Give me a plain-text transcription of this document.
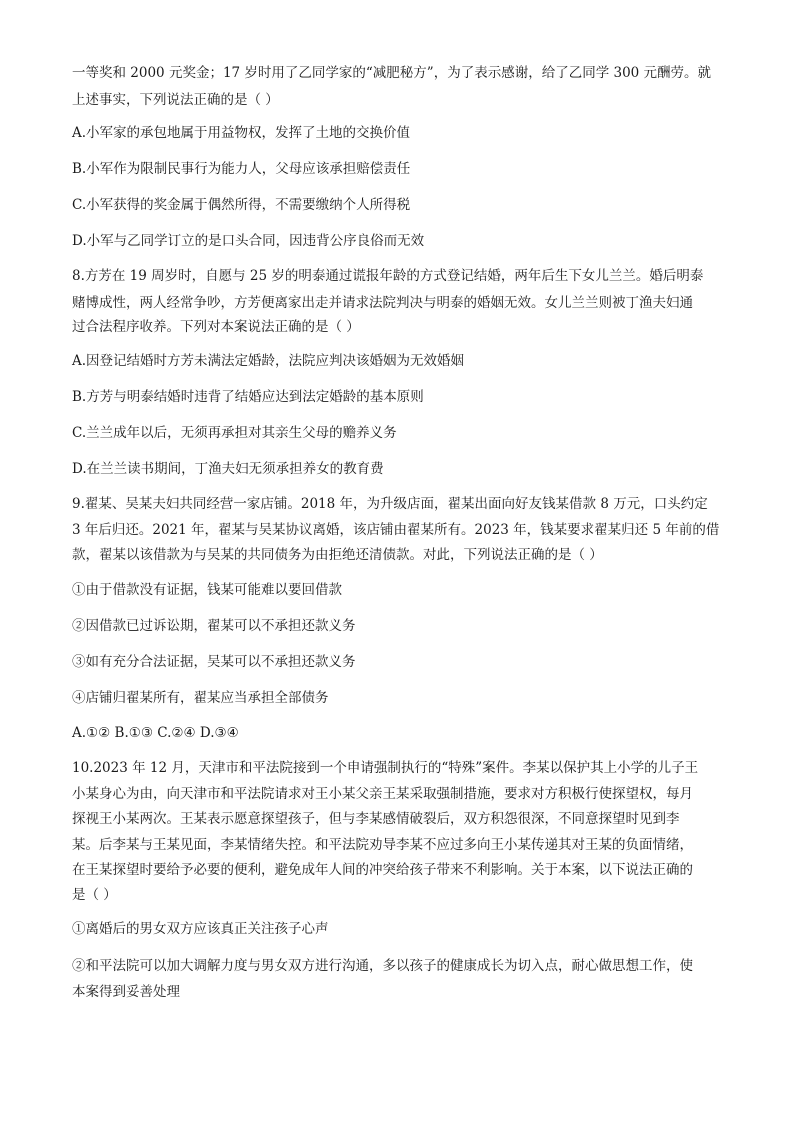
一等奖和 2000 元奖金；17 岁时用了乙同学家的“减肥秘方”，为了表示感谢，给了乙同学 300 元酬劳。就
上述事实，下列说法正确的是（ ）
A.小军家的承包地属于用益物权，发挥了土地的交换价值
B.小军作为限制民事行为能力人，父母应该承担赔偿责任
C.小军获得的奖金属于偶然所得，不需要缴纳个人所得税
D.小军与乙同学订立的是口头合同，因违背公序良俗而无效
8.方芳在 19 周岁时，自愿与 25 岁的明泰通过谎报年龄的方式登记结婚，两年后生下女儿兰兰。婚后明泰
赌博成性，两人经常争吵，方芳便离家出走并请求法院判决与明泰的婚姻无效。女儿兰兰则被丁渔夫妇通
过合法程序收养。下列对本案说法正确的是（ ）
A.因登记结婚时方芳未满法定婚龄，法院应判决该婚姻为无效婚姻
B.方芳与明泰结婚时违背了结婚应达到法定婚龄的基本原则
C.兰兰成年以后，无须再承担对其亲生父母的赡养义务
D.在兰兰读书期间，丁渔夫妇无须承担养女的教育费
9.翟某、吴某夫妇共同经营一家店铺。2018 年，为升级店面，翟某出面向好友钱某借款 8 万元，口头约定
3 年后归还。2021 年，翟某与吴某协议离婚，该店铺由翟某所有。2023 年，钱某要求翟某归还 5 年前的借
款，翟某以该借款为与吴某的共同债务为由拒绝还清债款。对此，下列说法正确的是（ ）
①由于借款没有证据，钱某可能难以要回借款
②因借款已过诉讼期，翟某可以不承担还款义务
③如有充分合法证据，吴某可以不承担还款义务
④店铺归翟某所有，翟某应当承担全部债务
A.①② B.①③ C.②④ D.③④
10.2023 年 12 月，天津市和平法院接到一个申请强制执行的“特殊”案件。李某以保护其上小学的儿子王
小某身心为由，向天津市和平法院请求对王小某父亲王某采取强制措施，要求对方积极行使探望权，每月
探视王小某两次。王某表示愿意探望孩子，但与李某感情破裂后，双方积怨很深，不同意探望时见到李
某。后李某与王某见面，李某情绪失控。和平法院劝导李某不应过多向王小某传递其对王某的负面情绪，
在王某探望时要给予必要的便利，避免成年人间的冲突给孩子带来不利影响。关于本案，以下说法正确的
是（ ）
①离婚后的男女双方应该真正关注孩子心声
②和平法院可以加大调解力度与男女双方进行沟通，多以孩子的健康成长为切入点，耐心做思想工作，使
本案得到妥善处理
